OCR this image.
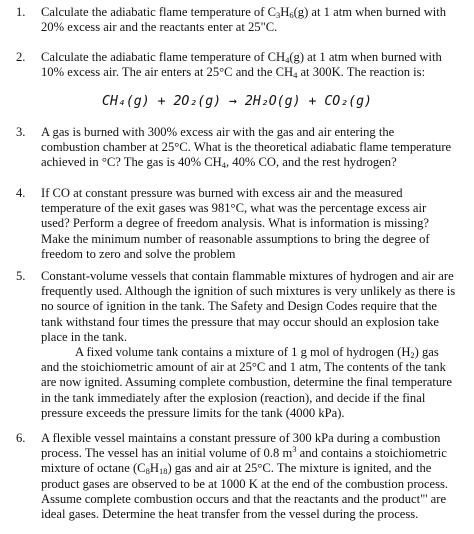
1. Calculate the adiabatic flame temperature of $C_3H_6(g)$ at 1 atm when burned with

20% excess air and the reactants enter at 25"C.

2. Calculate the adiabatic flame temperature of $CH_4(g)$ at 1 atm when burned with

10% excess air. The air enters at 25°C and the $CH_4$ at 300K. The reaction is:

CH₄(g) + 2O₂(g) → 2H₂O(g) + CO₂(g)
3. A gas is burned with 300% excess air with the gas and air entering the

combustion chamber at 25°C. What is the theoretical adiabatic flame temperature

achieved in °C? The gas is 40% $CH_4$, 40% CO, and the rest hydrogen?

4. If CO at constant pressure was burned with excess air and the measured

temperature of the exit gases was 981°C, what was the percentage excess air

used? Perform a degree of freedom analysis. What is information is missing?

Make the minimum number of reasonable assumptions to bring the degree of

freedom to zero and solve the problem

5. Constant-volume vessels that contain flammable mixtures of hydrogen and air are

frequently used. Although the ignition of such mixtures is very unlikely as there is

no source of ignition in the tank. The Safety and Design Codes require that the

tank withstand four times the pressure that may occur should an explosion take

place in the tank.

A fixed volume tank contains a mixture of 1 g mol of hydrogen $(H_2)$ gas

and the stoichiometric amount of air at 25°C and 1 atm, The contents of the tank

are now ignited. Assuming complete combustion, determine the final temperature

in the tank immediately after the explosion (reaction), and decide if the final

pressure exceeds the pressure limits for the tank (4000 kPa).

6. A flexible vessel maintains a constant pressure of 300 kPa during a combustion

process. The vessel has an initial volume of 0.8 $m^3$ and contains a stoichiometric

mixture of octane $(C_8H_{18})$ gas and air at 25°C. The mixture is ignited, and the

product gases are observed to be at 1000 K at the end of the combustion process.

Assume complete combustion occurs and that the reactants and the product"' are

ideal gases. Determine the heat transfer from the vessel during the process.
